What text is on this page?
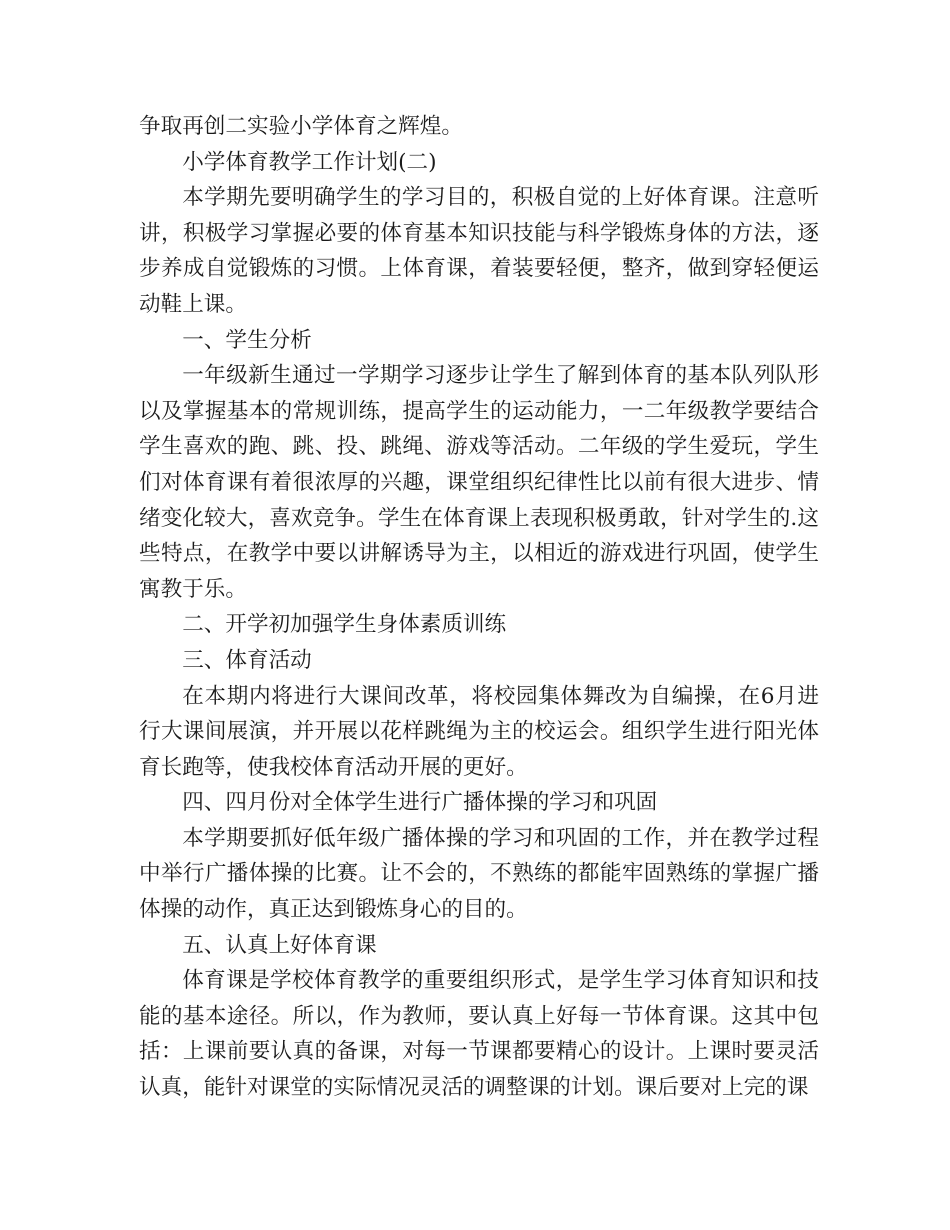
争取再创二实验小学体育之辉煌。

小学体育教学工作计划(二)

本学期先要明确学生的学习目的，积极自觉的上好体育课。注意听讲，积极学习掌握必要的体育基本知识技能与科学锻炼身体的方法，逐步养成自觉锻炼的习惯。上体育课，着装要轻便，整齐，做到穿轻便运动鞋上课。

一、学生分析

一年级新生通过一学期学习逐步让学生了解到体育的基本队列队形以及掌握基本的常规训练，提高学生的运动能力，一二年级教学要结合学生喜欢的跑、跳、投、跳绳、游戏等活动。二年级的学生爱玩，学生们对体育课有着很浓厚的兴趣，课堂组织纪律性比以前有很大进步、情绪变化较大，喜欢竞争。学生在体育课上表现积极勇敢，针对学生的.这些特点，在教学中要以讲解诱导为主，以相近的游戏进行巩固，使学生寓教于乐。

二、开学初加强学生身体素质训练

三、体育活动

在本期内将进行大课间改革，将校园集体舞改为自编操，在6月进行大课间展演，并开展以花样跳绳为主的校运会。组织学生进行阳光体育长跑等，使我校体育活动开展的更好。

四、四月份对全体学生进行广播体操的学习和巩固

本学期要抓好低年级广播体操的学习和巩固的工作，并在教学过程中举行广播体操的比赛。让不会的，不熟练的都能牢固熟练的掌握广播体操的动作，真正达到锻炼身心的目的。

五、认真上好体育课

体育课是学校体育教学的重要组织形式，是学生学习体育知识和技能的基本途径。所以，作为教师，要认真上好每一节体育课。这其中包括：上课前要认真的备课，对每一节课都要精心的设计。上课时要灵活认真，能针对课堂的实际情况灵活的调整课的计划。课后要对上完的课
